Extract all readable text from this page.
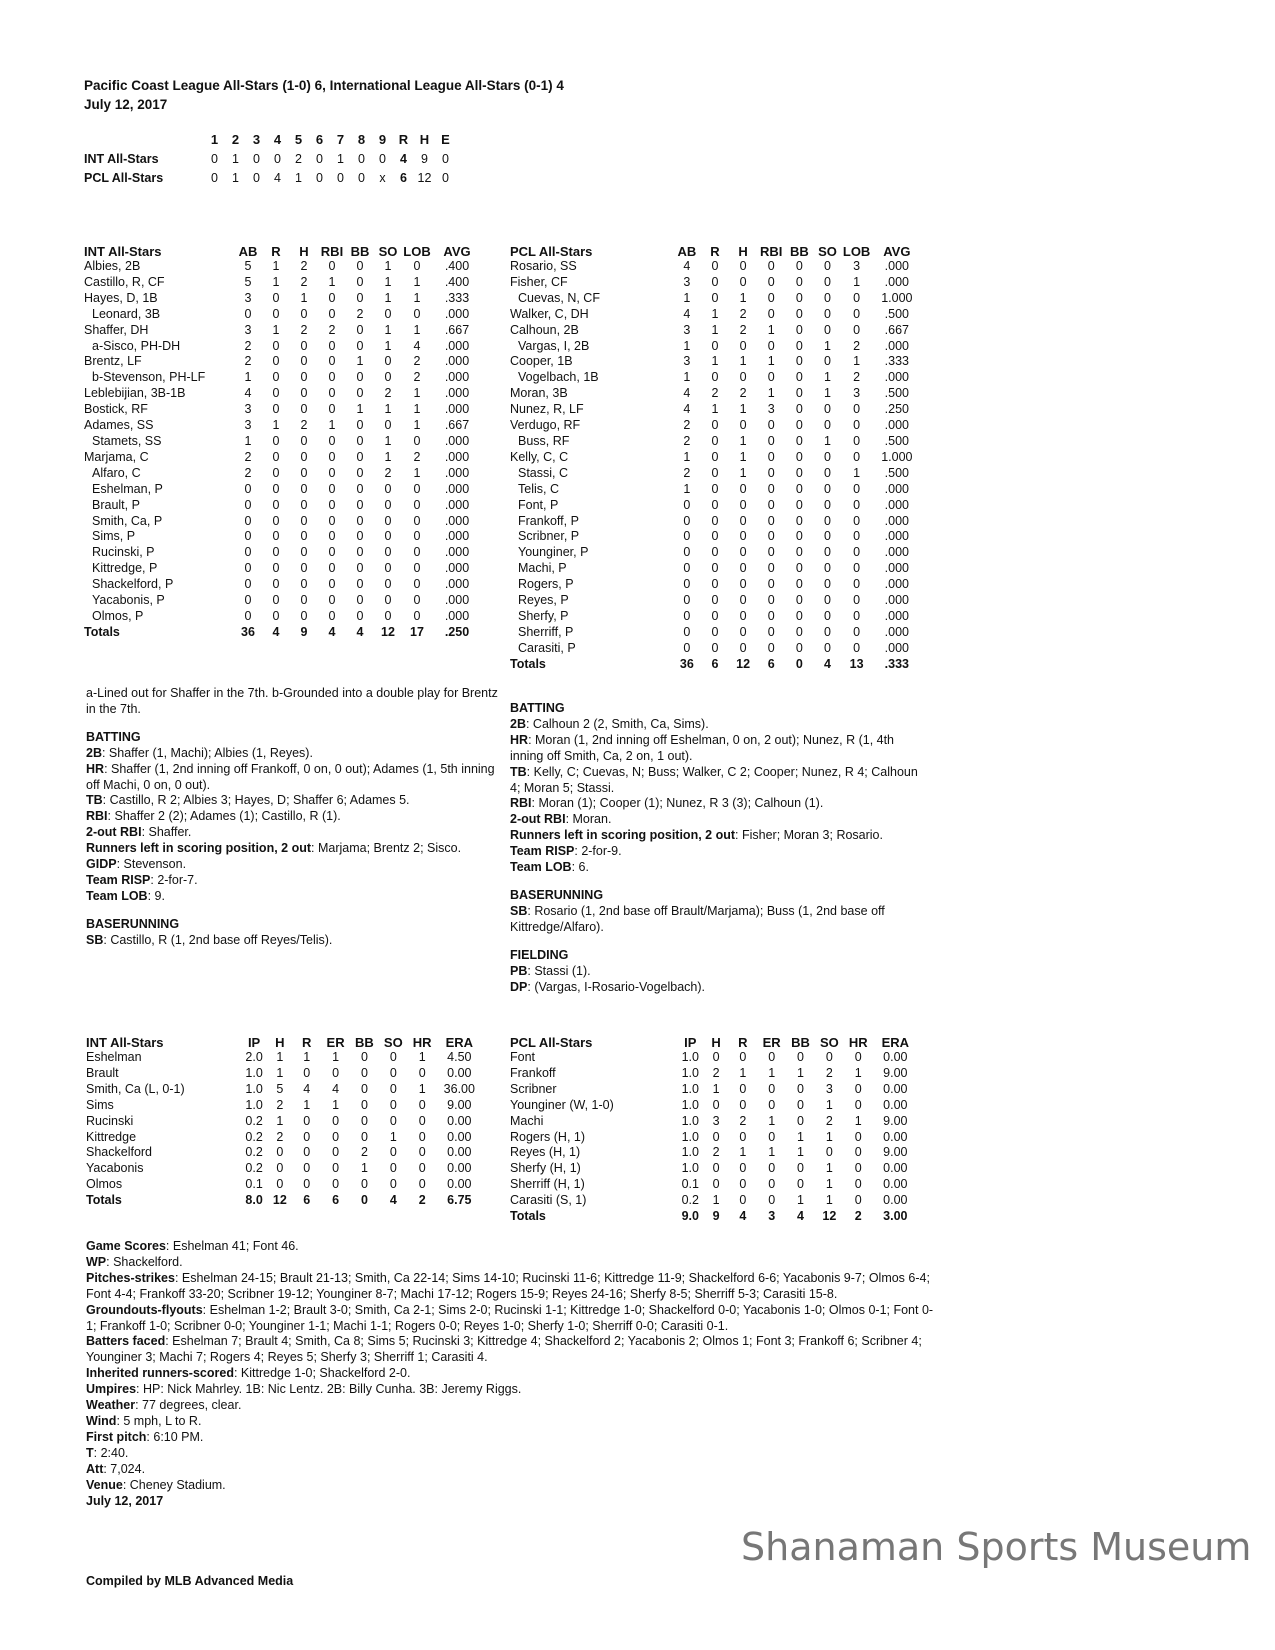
Pacific Coast League All-Stars (1-0) 6, International League All-Stars (0-1) 4
July 12, 2017
	1	2	3	4	5	6	7	8	9	R	H	E
INT All-Stars	0	1	0	0	2	0	1	0	0	4	9	0
PCL All-Stars	0	1	0	4	1	0	0	0	x	6	12	0
INT All-Stars	AB	R	H	RBI	BB	SO	LOB	AVG
Albies, 2B	5	1	2	0	0	1	0	.400
Castillo, R, CF	5	1	2	1	0	1	1	.400
Hayes, D, 1B	3	0	1	0	0	1	1	.333
Leonard, 3B	0	0	0	0	2	0	0	.000
Shaffer, DH	3	1	2	2	0	1	1	.667
a-Sisco, PH-DH	2	0	0	0	0	1	4	.000
Brentz, LF	2	0	0	0	1	0	2	.000
b-Stevenson, PH-LF	1	0	0	0	0	0	2	.000
Leblebijian, 3B-1B	4	0	0	0	0	2	1	.000
Bostick, RF	3	0	0	0	1	1	1	.000
Adames, SS	3	1	2	1	0	0	1	.667
Stamets, SS	1	0	0	0	0	1	0	.000
Marjama, C	2	0	0	0	0	1	2	.000
Alfaro, C	2	0	0	0	0	2	1	.000
Eshelman, P	0	0	0	0	0	0	0	.000
Brault, P	0	0	0	0	0	0	0	.000
Smith, Ca, P	0	0	0	0	0	0	0	.000
Sims, P	0	0	0	0	0	0	0	.000
Rucinski, P	0	0	0	0	0	0	0	.000
Kittredge, P	0	0	0	0	0	0	0	.000
Shackelford, P	0	0	0	0	0	0	0	.000
Yacabonis, P	0	0	0	0	0	0	0	.000
Olmos, P	0	0	0	0	0	0	0	.000
Totals	36	4	9	4	4	12	17	.250
PCL All-Stars	AB	R	H	RBI	BB	SO	LOB	AVG
Rosario, SS	4	0	0	0	0	0	3	.000
Fisher, CF	3	0	0	0	0	0	1	.000
Cuevas, N, CF	1	0	1	0	0	0	0	1.000
Walker, C, DH	4	1	2	0	0	0	0	.500
Calhoun, 2B	3	1	2	1	0	0	0	.667
Vargas, I, 2B	1	0	0	0	0	1	2	.000
Cooper, 1B	3	1	1	1	0	0	1	.333
Vogelbach, 1B	1	0	0	0	0	1	2	.000
Moran, 3B	4	2	2	1	0	1	3	.500
Nunez, R, LF	4	1	1	3	0	0	0	.250
Verdugo, RF	2	0	0	0	0	0	0	.000
Buss, RF	2	0	1	0	0	1	0	.500
Kelly, C, C	1	0	1	0	0	0	0	1.000
Stassi, C	2	0	1	0	0	0	1	.500
Telis, C	1	0	0	0	0	0	0	.000
Font, P	0	0	0	0	0	0	0	.000
Frankoff, P	0	0	0	0	0	0	0	.000
Scribner, P	0	0	0	0	0	0	0	.000
Younginer, P	0	0	0	0	0	0	0	.000
Machi, P	0	0	0	0	0	0	0	.000
Rogers, P	0	0	0	0	0	0	0	.000
Reyes, P	0	0	0	0	0	0	0	.000
Sherfy, P	0	0	0	0	0	0	0	.000
Sherriff, P	0	0	0	0	0	0	0	.000
Carasiti, P	0	0	0	0	0	0	0	.000
Totals	36	6	12	6	0	4	13	.333
a-Lined out for Shaffer in the 7th. b-Grounded into a double play for Brentz in the 7th.
BATTING
2B: Shaffer (1, Machi); Albies (1, Reyes).
HR: Shaffer (1, 2nd inning off Frankoff, 0 on, 0 out); Adames (1, 5th inning off Machi, 0 on, 0 out).
TB: Castillo, R 2; Albies 3; Hayes, D; Shaffer 6; Adames 5.
RBI: Shaffer 2 (2); Adames (1); Castillo, R (1).
2-out RBI: Shaffer.
Runners left in scoring position, 2 out: Marjama; Brentz 2; Sisco.
GIDP: Stevenson.
Team RISP: 2-for-7.
Team LOB: 9.
BASERUNNING
SB: Castillo, R (1, 2nd base off Reyes/Telis).
BATTING
2B: Calhoun 2 (2, Smith, Ca, Sims).
HR: Moran (1, 2nd inning off Eshelman, 0 on, 2 out); Nunez, R (1, 4th inning off Smith, Ca, 2 on, 1 out).
TB: Kelly, C; Cuevas, N; Buss; Walker, C 2; Cooper; Nunez, R 4; Calhoun 4; Moran 5; Stassi.
RBI: Moran (1); Cooper (1); Nunez, R 3 (3); Calhoun (1).
2-out RBI: Moran.
Runners left in scoring position, 2 out: Fisher; Moran 3; Rosario.
Team RISP: 2-for-9.
Team LOB: 6.
BASERUNNING
SB: Rosario (1, 2nd base off Brault/Marjama); Buss (1, 2nd base off Kittredge/Alfaro).
FIELDING
PB: Stassi (1).
DP: (Vargas, I-Rosario-Vogelbach).
INT All-Stars	IP	H	R	ER	BB	SO	HR	ERA
Eshelman	2.0	1	1	1	0	0	1	4.50
Brault	1.0	1	0	0	0	0	0	0.00
Smith, Ca (L, 0-1)	1.0	5	4	4	0	0	1	36.00
Sims	1.0	2	1	1	0	0	0	9.00
Rucinski	0.2	1	0	0	0	0	0	0.00
Kittredge	0.2	2	0	0	0	1	0	0.00
Shackelford	0.2	0	0	0	2	0	0	0.00
Yacabonis	0.2	0	0	0	1	0	0	0.00
Olmos	0.1	0	0	0	0	0	0	0.00
Totals	8.0	12	6	6	0	4	2	6.75
PCL All-Stars	IP	H	R	ER	BB	SO	HR	ERA
Font	1.0	0	0	0	0	0	0	0.00
Frankoff	1.0	2	1	1	1	2	1	9.00
Scribner	1.0	1	0	0	0	3	0	0.00
Younginer (W, 1-0)	1.0	0	0	0	0	1	0	0.00
Machi	1.0	3	2	1	0	2	1	9.00
Rogers (H, 1)	1.0	0	0	0	1	1	0	0.00
Reyes (H, 1)	1.0	2	1	1	1	0	0	9.00
Sherfy (H, 1)	1.0	0	0	0	0	1	0	0.00
Sherriff (H, 1)	0.1	0	0	0	0	1	0	0.00
Carasiti (S, 1)	0.2	1	0	0	1	1	0	0.00
Totals	9.0	9	4	3	4	12	2	3.00
Game Scores: Eshelman 41; Font 46.
WP: Shackelford.
Pitches-strikes: Eshelman 24-15; Brault 21-13; Smith, Ca 22-14; Sims 14-10; Rucinski 11-6; Kittredge 11-9; Shackelford 6-6; Yacabonis 9-7; Olmos 6-4; Font 4-4; Frankoff 33-20; Scribner 19-12; Younginer 8-7; Machi 17-12; Rogers 15-9; Reyes 24-16; Sherfy 8-5; Sherriff 5-3; Carasiti 15-8.
Groundouts-flyouts: Eshelman 1-2; Brault 3-0; Smith, Ca 2-1; Sims 2-0; Rucinski 1-1; Kittredge 1-0; Shackelford 0-0; Yacabonis 1-0; Olmos 0-1; Font 0-1; Frankoff 1-0; Scribner 0-0; Younginer 1-1; Machi 1-1; Rogers 0-0; Reyes 1-0; Sherfy 1-0; Sherriff 0-0; Carasiti 0-1.
Batters faced: Eshelman 7; Brault 4; Smith, Ca 8; Sims 5; Rucinski 3; Kittredge 4; Shackelford 2; Yacabonis 2; Olmos 1; Font 3; Frankoff 6; Scribner 4; Younginer 3; Machi 7; Rogers 4; Reyes 5; Sherfy 3; Sherriff 1; Carasiti 4.
Inherited runners-scored: Kittredge 1-0; Shackelford 2-0.
Umpires: HP: Nick Mahrley. 1B: Nic Lentz. 2B: Billy Cunha. 3B: Jeremy Riggs.
Weather: 77 degrees, clear.
Wind: 5 mph, L to R.
First pitch: 6:10 PM.
T: 2:40.
Att: 7,024.
Venue: Cheney Stadium.
July 12, 2017
Shanaman Sports Museum
Compiled by MLB Advanced Media
